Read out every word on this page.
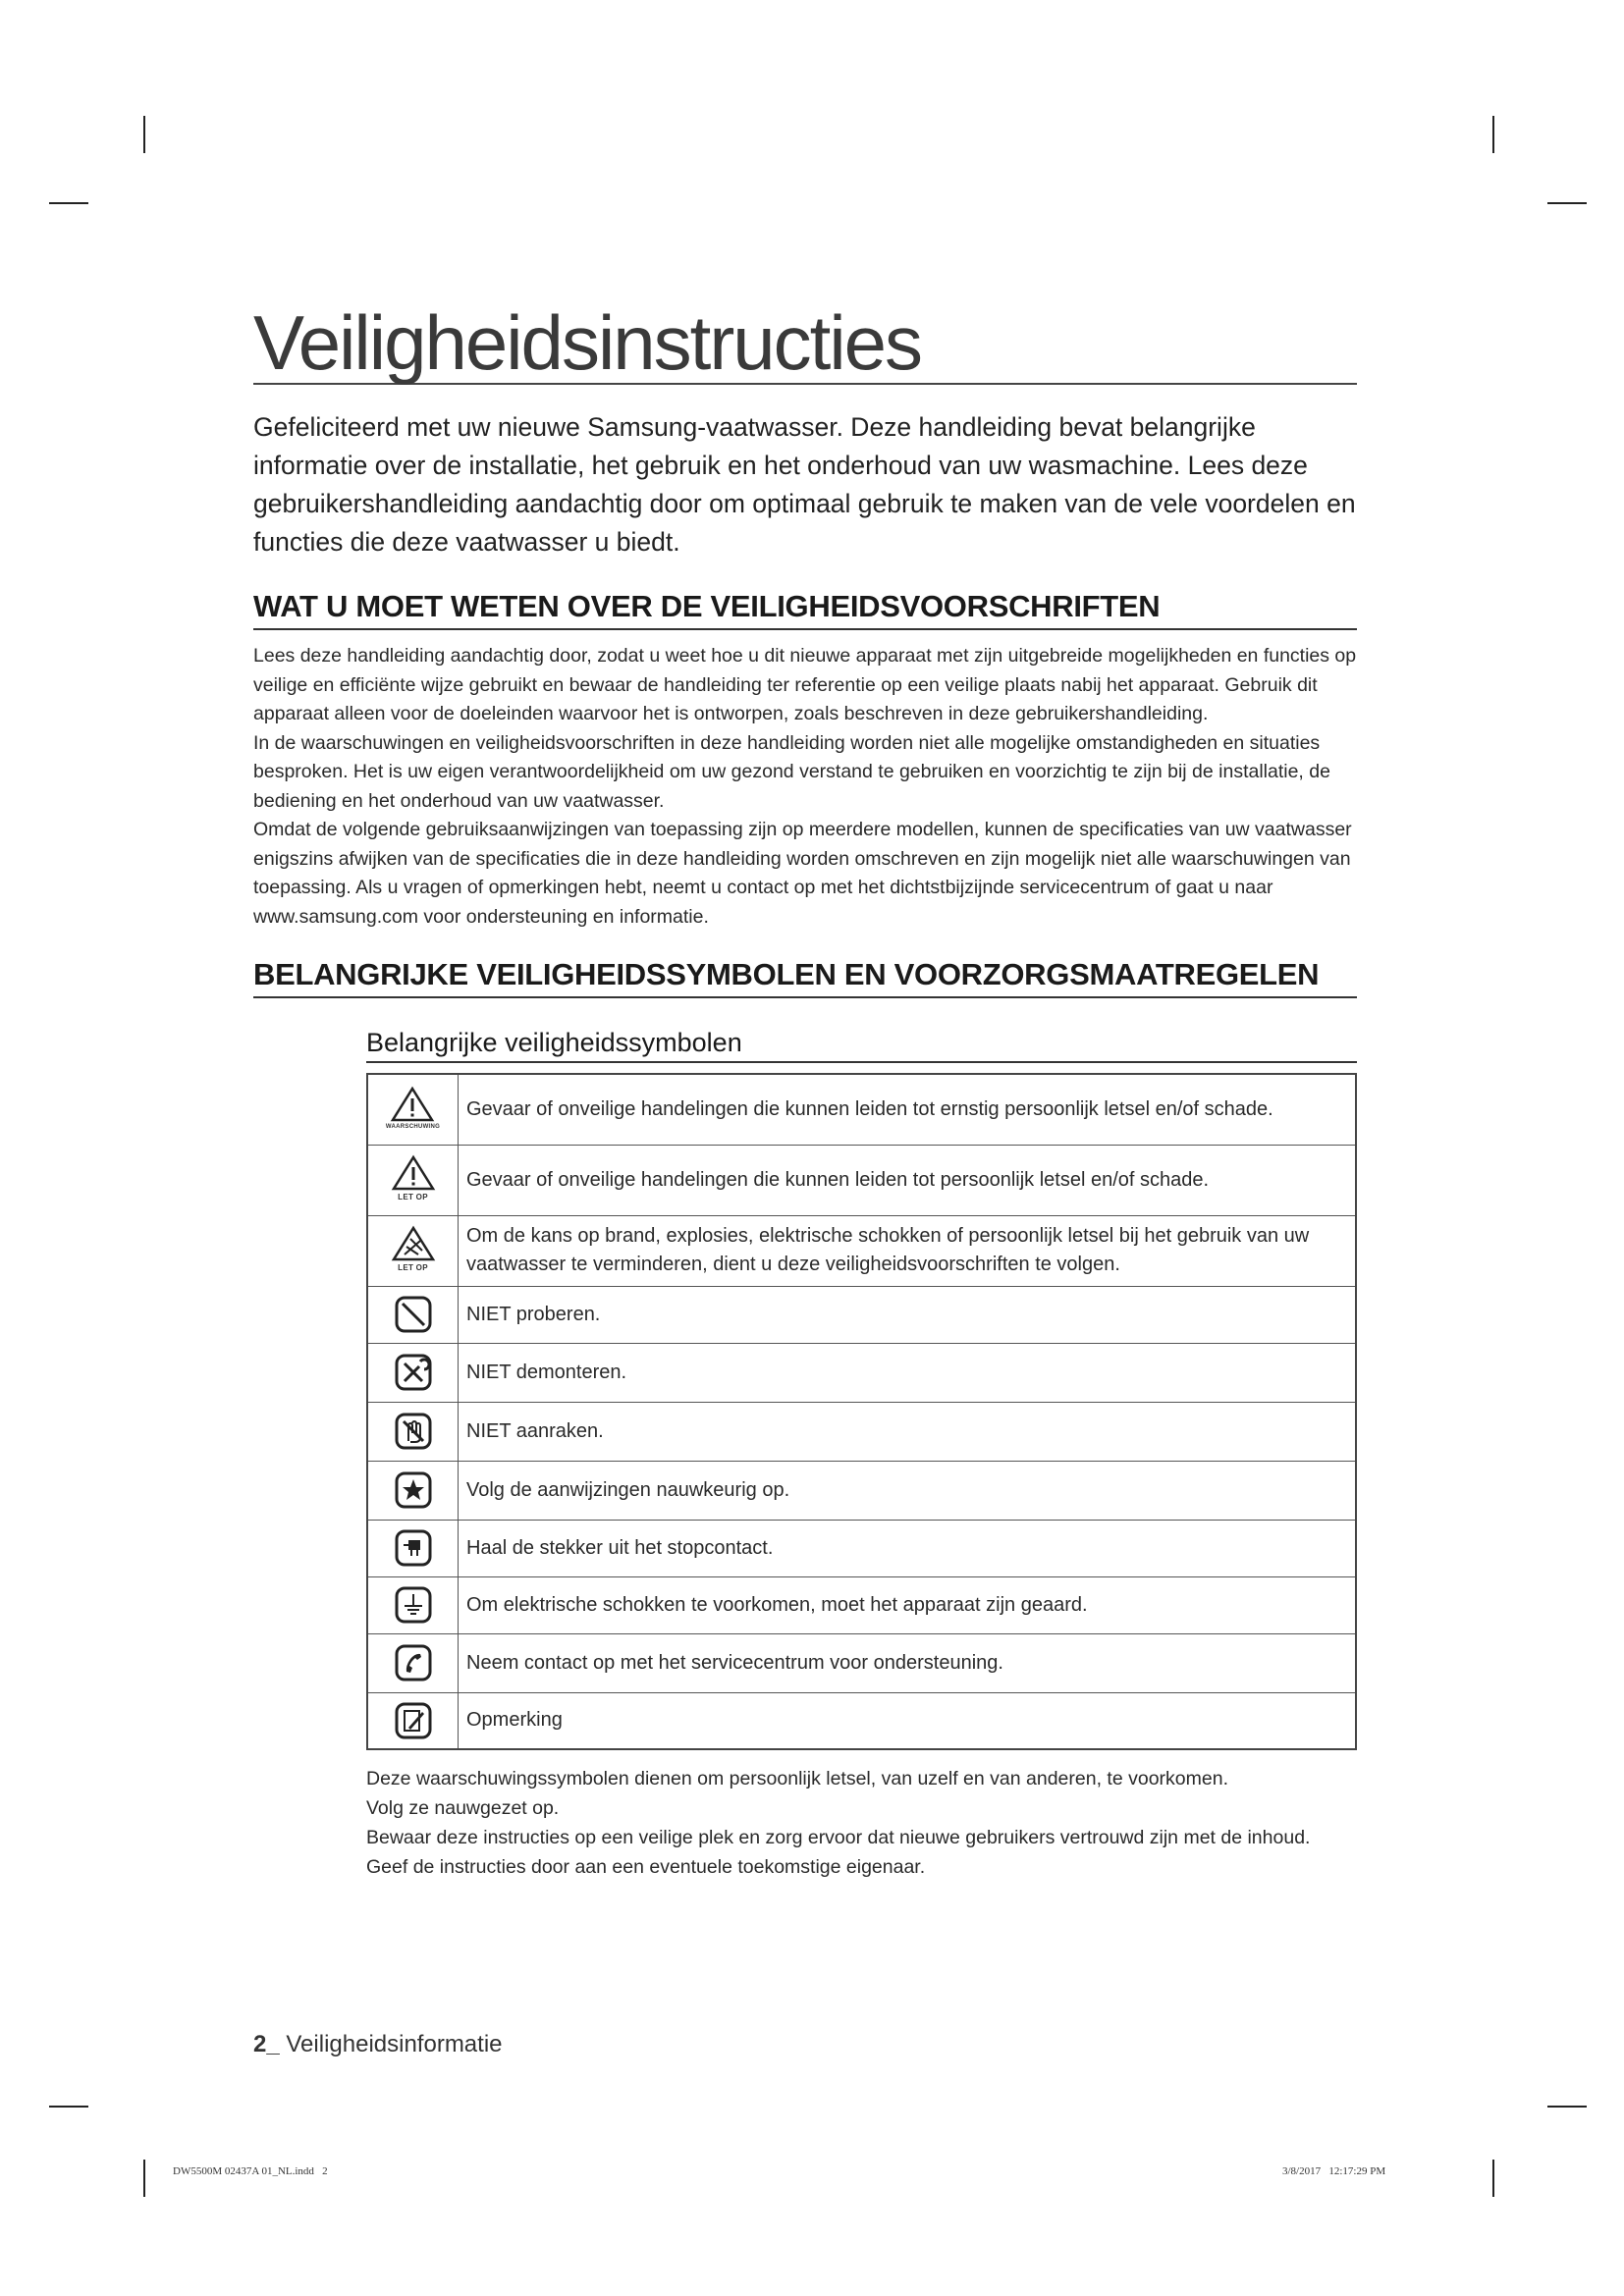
Veiligheidsinstructies

Gefeliciteerd met uw nieuwe Samsung-vaatwasser. Deze handleiding bevat belangrijke informatie over de installatie, het gebruik en het onderhoud van uw wasmachine. Lees deze gebruikershandleiding aandachtig door om optimaal gebruik te maken van de vele voordelen en functies die deze vaatwasser u biedt.

WAT U MOET WETEN OVER DE VEILIGHEIDSVOORSCHRIFTEN

Lees deze handleiding aandachtig door, zodat u weet hoe u dit nieuwe apparaat met zijn uitgebreide mogelijkheden en functies op veilige en efficiënte wijze gebruikt en bewaar de handleiding ter referentie op een veilige plaats nabij het apparaat. Gebruik dit apparaat alleen voor de doeleinden waarvoor het is ontworpen, zoals beschreven in deze gebruikershandleiding.

In de waarschuwingen en veiligheidsvoorschriften in deze handleiding worden niet alle mogelijke omstandigheden en situaties besproken. Het is uw eigen verantwoordelijkheid om uw gezond verstand te gebruiken en voorzichtig te zijn bij de installatie, de bediening en het onderhoud van uw vaatwasser.

Omdat de volgende gebruiksaanwijzingen van toepassing zijn op meerdere modellen, kunnen de specificaties van uw vaatwasser enigszins afwijken van de specificaties die in deze handleiding worden omschreven en zijn mogelijk niet alle waarschuwingen van toepassing. Als u vragen of opmerkingen hebt, neemt u contact op met het dichtstbijzijnde servicecentrum of gaat u naar www.samsung.com voor ondersteuning en informatie.

BELANGRIJKE VEILIGHEIDSSYMBOLEN EN VOORZORGSMAATREGELEN
Belangrijke veiligheidssymbolen
WAARSCHUWING	Gevaar of onveilige handelingen die kunnen leiden tot ernstig persoonlijk letsel en/of schade.

LET OP	Gevaar of onveilige handelingen die kunnen leiden tot persoonlijk letsel en/of schade.

LET OP	Om de kans op brand, explosies, elektrische schokken of persoonlijk letsel bij het gebruik van uw vaatwasser te verminderen, dient u deze veiligheidsvoorschriften te volgen.

	NIET proberen.

	NIET demonteren.

	NIET aanraken.

	Volg de aanwijzingen nauwkeurig op.

	Haal de stekker uit het stopcontact.

	Om elektrische schokken te voorkomen, moet het apparaat zijn geaard.

	Neem contact op met het servicecentrum voor ondersteuning.

	Opmerking

Deze waarschuwingssymbolen dienen om persoonlijk letsel, van uzelf en van anderen, te voorkomen.

Volg ze nauwgezet op.

Bewaar deze instructies op een veilige plek en zorg ervoor dat nieuwe gebruikers vertrouwd zijn met de inhoud.

Geef de instructies door aan een eventuele toekomstige eigenaar.

2_ Veiligheidsinformatie
DW5500M 02437A 01_NL.indd   2	3/8/2017   12:17:29 PM
